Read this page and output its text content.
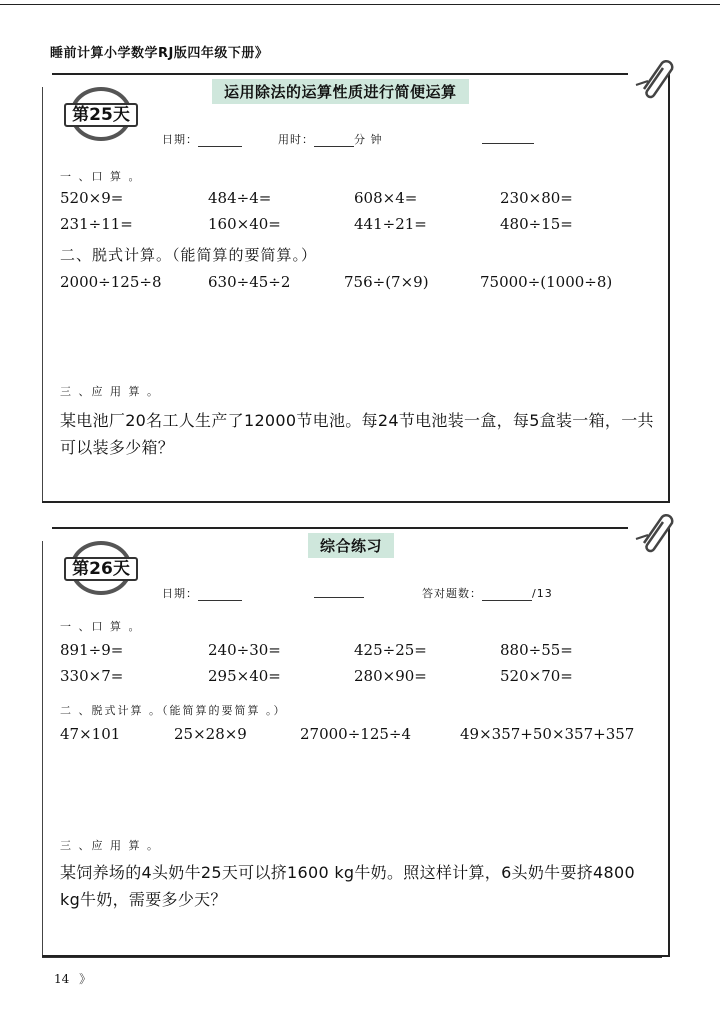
睡前计算小学数学RJ版四年级下册》
第25天
运用除法的运算性质进行简便运算
日期：	用时：	分 钟
一 、口 算 。
520×9=	484÷4=	608×4=	230×80=
231÷11=	160×40=	441÷21=	480÷15=
二、脱式计算。（能简算的要简算。）
2000÷125÷8	630÷45÷2	756÷(7×9)	75000÷(1000÷8)
三 、应 用 算 。
某电池厂20名工人生产了12000节电池。每24节电池装一盒，每5盒装一箱，一共可以装多少箱？
第26天
综合练习
日期：	答对题数：	/13
一 、口 算 。
891÷9=	240÷30=	425÷25=	880÷55=
330×7=	295×40=	280×90=	520×70=
二 、脱式计算 。（能简算的要简算 。）
47×101	25×28×9	27000÷125÷4	49×357+50×357+357
三 、应 用 算 。
某饲养场的4头奶牛25天可以挤1600 kg牛奶。照这样计算，6头奶牛要挤4800 kg牛奶，需要多少天？
14 》
